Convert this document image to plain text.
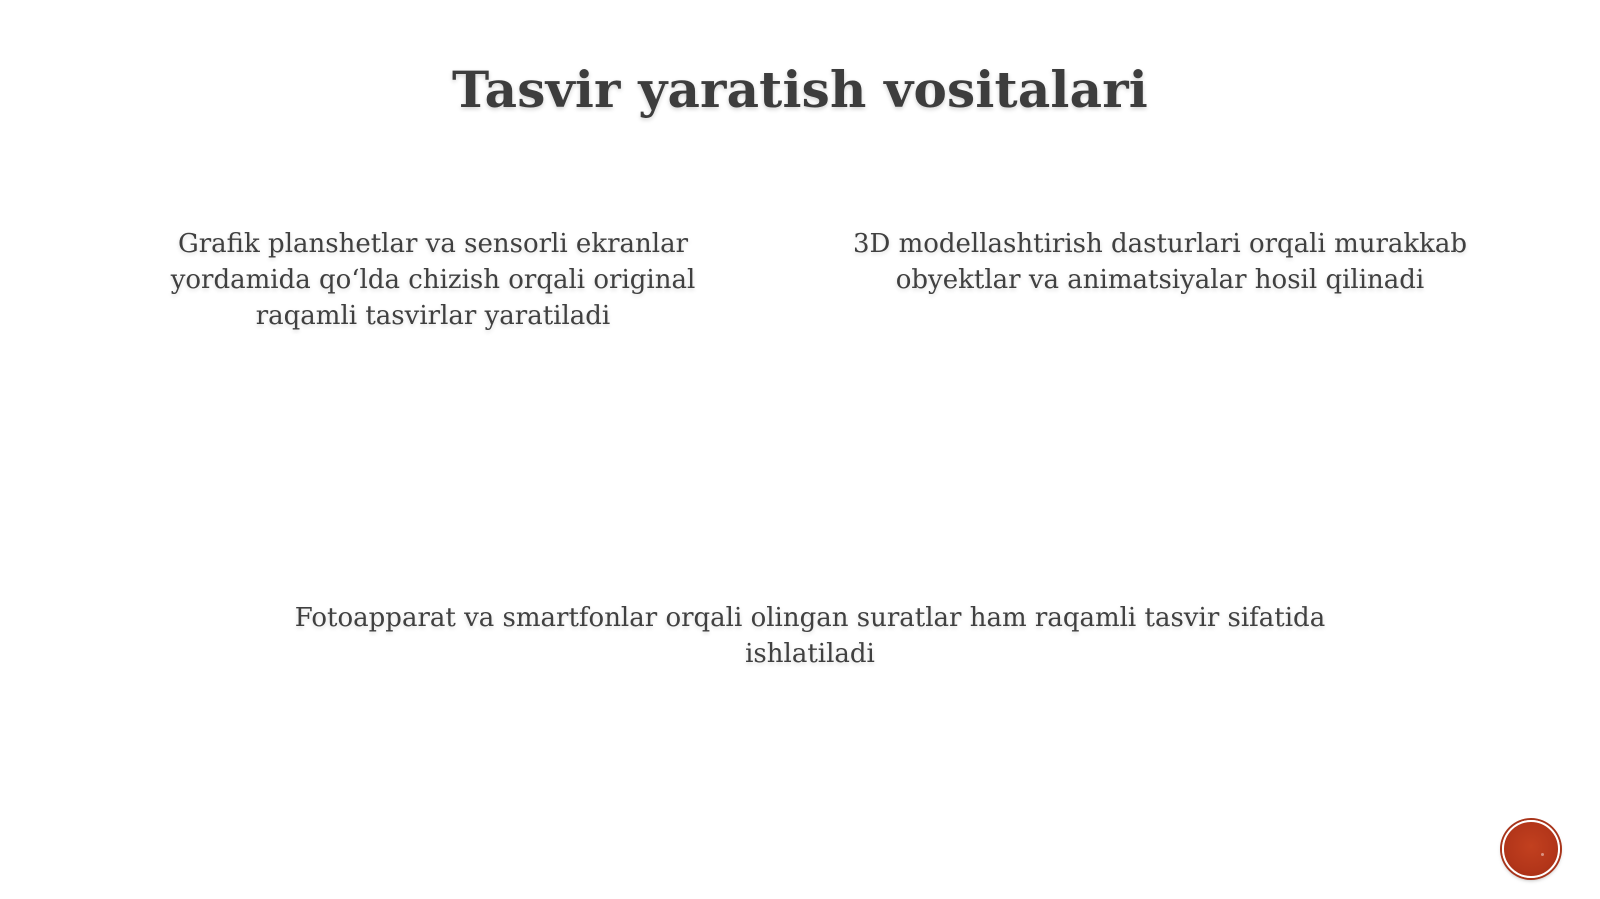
Tasvir yaratish vositalari
Grafik planshetlar va sensorli ekranlar yordamida qoʻlda chizish orqali original raqamli tasvirlar yaratiladi
3D modellashtirish dasturlari orqali murakkab obyektlar va animatsiyalar hosil qilinadi
Fotoapparat va smartfonlar orqali olingan suratlar ham raqamli tasvir sifatida ishlatiladi
